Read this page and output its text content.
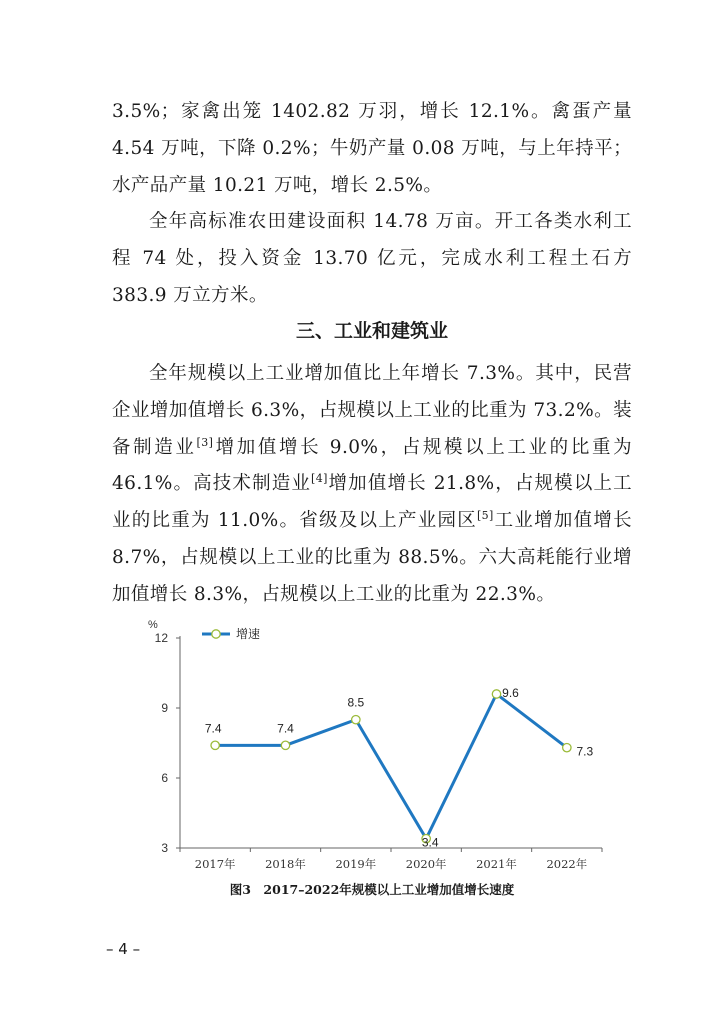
3.5%；家禽出笼 1402.82 万羽，增长 12.1%。禽蛋产量 4.54 万吨，下降 0.2%；牛奶产量 0.08 万吨，与上年持平；水产品产量 10.21 万吨，增长 2.5%。

全年高标准农田建设面积 14.78 万亩。开工各类水利工程 74 处，投入资金 13.70 亿元，完成水利工程土石方 383.9 万立方米。

三、工业和建筑业

全年规模以上工业增加值比上年增长 7.3%。其中，民营企业增加值增长 6.3%，占规模以上工业的比重为 73.2%。装备制造业[3]增加值增长 9.0%，占规模以上工业的比重为 46.1%。高技术制造业[4]增加值增长 21.8%，占规模以上工业的比重为 11.0%。省级及以上产业园区[5]工业增加值增长 8.7%，占规模以上工业的比重为 88.5%。六大高耗能行业增加值增长 8.3%，占规模以上工业的比重为 22.3%。

%
3
6
9
12
2017年	2018年	2019年	2020年	2021年	2022年
7.4	7.4
8.5
3.4
9.6
7.3
增速

图3　2017–2022年规模以上工业增加值增长速度

– 4 –
